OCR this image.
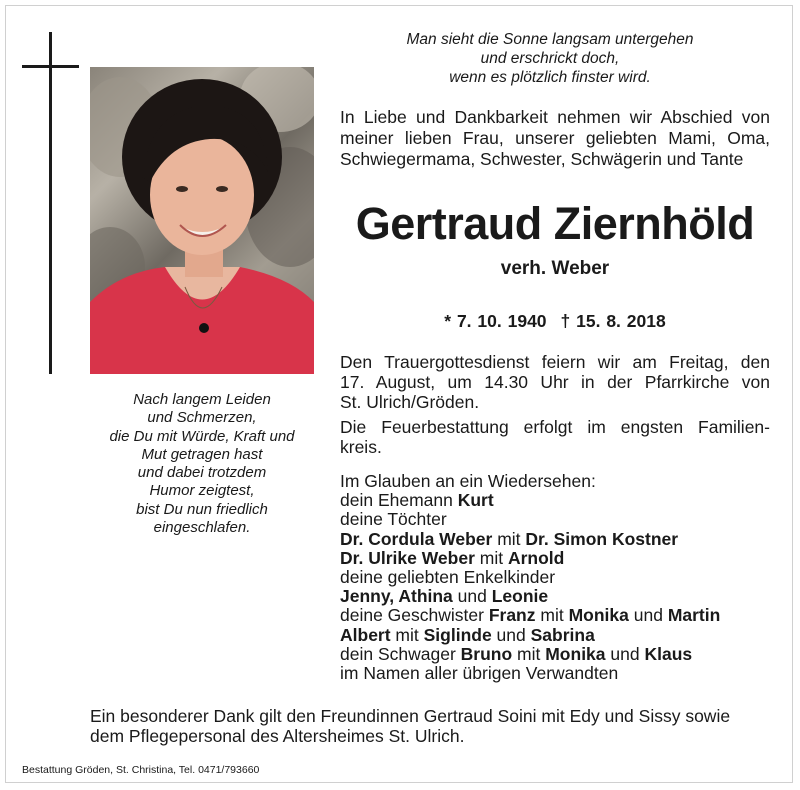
Man sieht die Sonne langsam untergehen
und erschrickt doch,
wenn es plötzlich finster wird.
In Liebe und Dankbarkeit nehmen wir Abschied von
meiner lieben Frau, unserer geliebten Mami, Oma,
Schwiegermama, Schwester, Schwägerin und Tante
Gertraud Ziernhöld
verh. Weber
* 7. 10. 1940 † 15. 8. 2018
Den Trauergottesdienst feiern wir am Freitag, den
17. August, um 14.30 Uhr in der Pfarrkirche von
St. Ulrich/Gröden.
Die Feuerbestattung erfolgt im engsten Familien-
kreis.
Im Glauben an ein Wiedersehen:
dein Ehemann Kurt
deine Töchter
Dr. Cordula Weber mit Dr. Simon Kostner
Dr. Ulrike Weber mit Arnold
deine geliebten Enkelkinder
Jenny, Athina und Leonie
deine Geschwister Franz mit Monika und Martin
Albert mit Siglinde und Sabrina
dein Schwager Bruno mit Monika und Klaus
im Namen aller übrigen Verwandten
Nach langem Leiden
und Schmerzen,
die Du mit Würde, Kraft und
Mut getragen hast
und dabei trotzdem
Humor zeigtest,
bist Du nun friedlich
eingeschlafen.
Ein besonderer Dank gilt den Freundinnen Gertraud Soini mit Edy und Sissy sowie
dem Pflegepersonal des Altersheimes St. Ulrich.
Bestattung Gröden, St. Christina, Tel. 0471/793660
